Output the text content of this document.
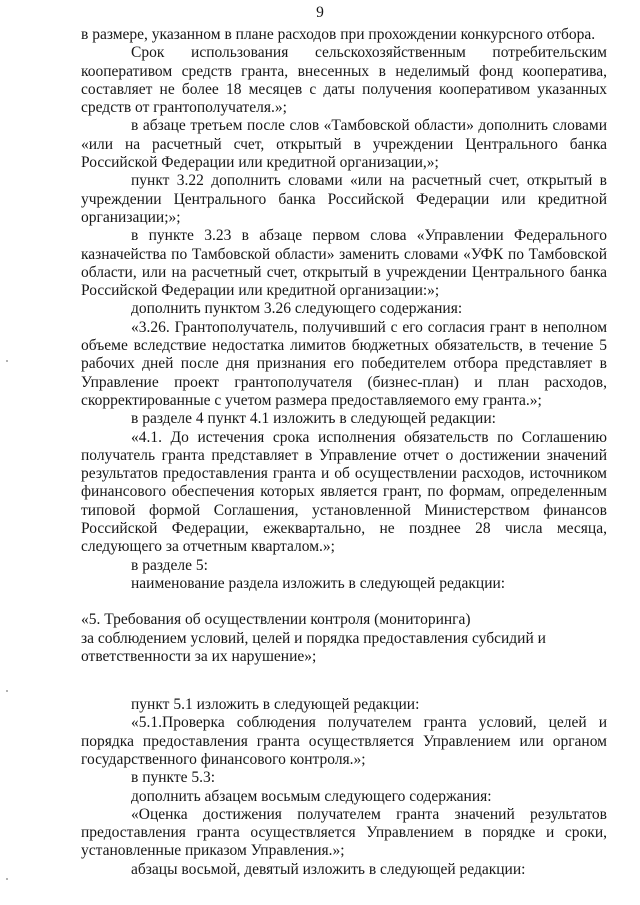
9

в размере, указанном в плане расходов при прохождении конкурсного отбора.

Срок использования сельскохозяйственным потребительским кооперативом средств гранта, внесенных в неделимый фонд кооператива, составляет не более 18 месяцев с даты получения кооперативом указанных средств от грантополучателя.»;

в абзаце третьем после слов «Тамбовской области» дополнить словами «или на расчетный счет, открытый в учреждении Центрального банка Российской Федерации или кредитной организации,»;

пункт 3.22 дополнить словами «или на расчетный счет, открытый в учреждении Центрального банка Российской Федерации или кредитной организации;»;

в пункте 3.23 в абзаце первом слова «Управлении Федерального казначейства по Тамбовской области» заменить словами «УФК по Тамбовской области, или на расчетный счет, открытый в учреждении Центрального банка Российской Федерации или кредитной организации:»;

дополнить пунктом 3.26 следующего содержания:

«3.26. Грантополучатель, получивший с его согласия грант в неполном объеме вследствие недостатка лимитов бюджетных обязательств, в течение 5 рабочих дней после дня признания его победителем отбора представляет в Управление проект грантополучателя (бизнес-план) и план расходов, скорректированные с учетом размера предоставляемого ему гранта.»;

в разделе 4 пункт 4.1 изложить в следующей редакции:

«4.1. До истечения срока исполнения обязательств по Соглашению получатель гранта представляет в Управление отчет о достижении значений результатов предоставления гранта и об осуществлении расходов, источником финансового обеспечения которых является грант, по формам, определенным типовой формой Соглашения, установленной Министерством финансов Российской Федерации, ежеквартально, не позднее 28 числа месяца, следующего за отчетным кварталом.»;

в разделе 5:

наименование раздела изложить в следующей редакции:

«5. Требования об осуществлении контроля (мониторинга)

за соблюдением условий, целей и порядка предоставления субсидий и

ответственности за их нарушение»;

пункт 5.1 изложить в следующей редакции:

«5.1.Проверка соблюдения получателем гранта условий, целей и порядка предоставления гранта осуществляется Управлением или органом государственного финансового контроля.»;

в пункте 5.3:

дополнить абзацем восьмым следующего содержания:

«Оценка достижения получателем гранта значений результатов предоставления гранта осуществляется Управлением в порядке и сроки, установленные приказом Управления.»;

абзацы восьмой, девятый изложить в следующей редакции:
